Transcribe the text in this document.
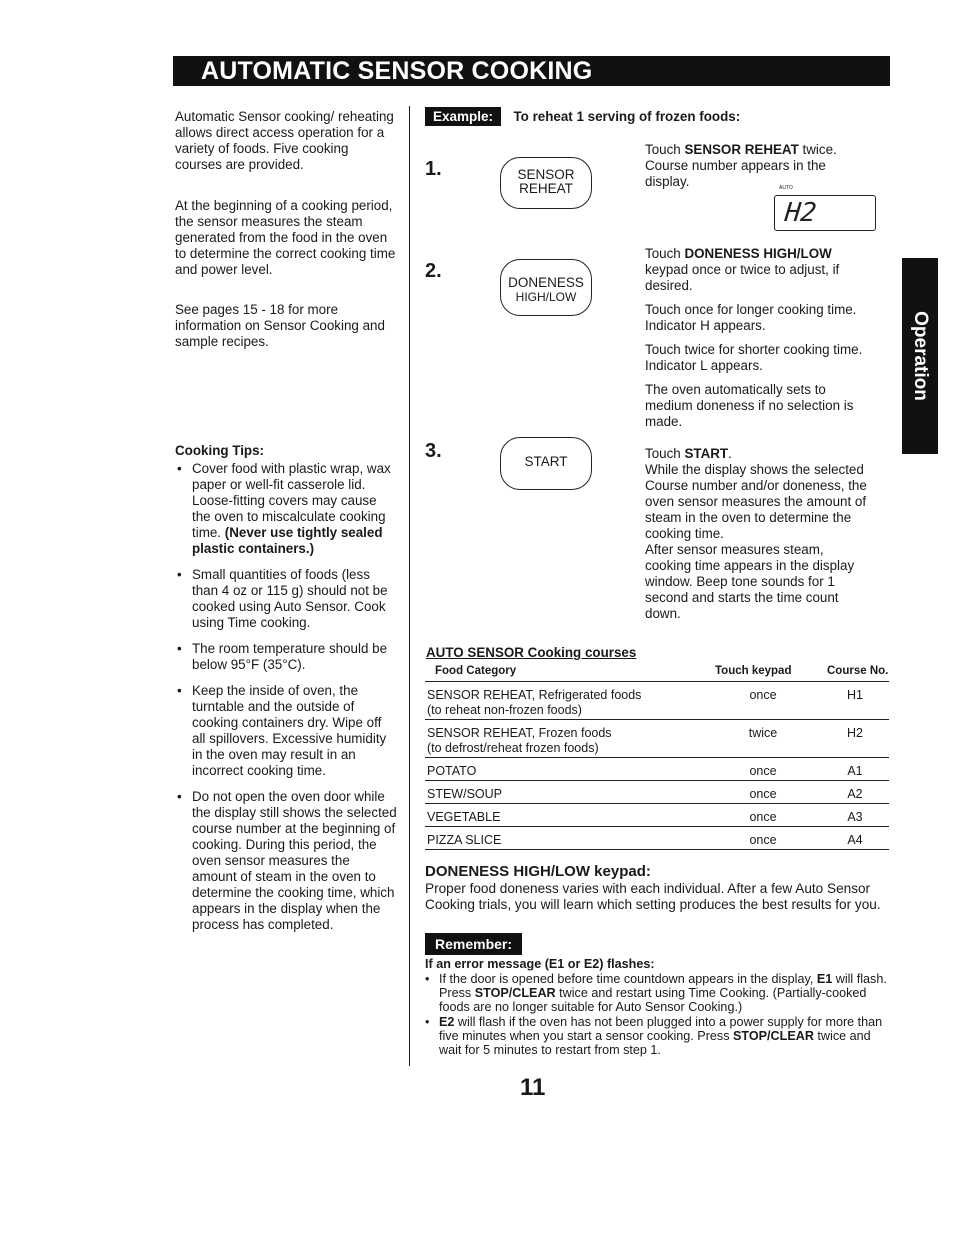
AUTOMATIC SENSOR COOKING
Operation
Automatic Sensor cooking/ reheating allows direct access operation for a variety of foods. Five cooking courses are provided.
At the beginning of a cooking period, the sensor measures the steam generated from the food in the oven to determine the correct cooking time and power level.
See pages 15 - 18 for more information on Sensor Cooking and sample recipes.
Cooking Tips:
• Cover food with plastic wrap, wax paper or well-fit casserole lid. Loose-fitting covers may cause the oven to miscalculate cooking time. (Never use tightly sealed plastic containers.)
• Small quantities of foods (less than 4 oz or 115 g) should not be cooked using Auto Sensor. Cook using Time cooking.
• The room temperature should be below 95°F (35°C).
• Keep the inside of oven, the turntable and the outside of cooking containers dry. Wipe off all spillovers. Excessive humidity in the oven may result in an incorrect cooking time.
• Do not open the oven door while the display still shows the selected course number at the beginning of cooking. During this period, the oven sensor measures the amount of steam in the oven to determine the cooking time, which appears in the display when the process has completed.
Example: To reheat 1 serving of frozen foods:
1.	SENSOR
REHEAT
Touch SENSOR REHEAT twice. Course number appears in the display.	AUTO
H2
2.
DONENESS
HIGH/LOW
Touch DONENESS HIGH/LOW keypad once or twice to adjust, if desired.
Touch once for longer cooking time. Indicator H appears.
Touch twice for shorter cooking time. Indicator L appears.
The oven automatically sets to medium doneness if no selection is made.
3.	START
Touch START.
While the display shows the selected Course number and/or doneness, the oven sensor measures the amount of steam in the oven to determine the cooking time.
After sensor measures steam, cooking time appears in the display window. Beep tone sounds for 1 second and starts the time count down.
AUTO SENSOR Cooking courses
Food Category	Touch keypad	Course No.

SENSOR REHEAT, Refrigerated foods
(to reheat non-frozen foods)	once	H1

SENSOR REHEAT, Frozen foods
(to defrost/reheat frozen foods)	twice	H2
POTATO	once	A1
STEW/SOUP	once	A2
VEGETABLE	once	A3
PIZZA SLICE	once	A4
DONENESS HIGH/LOW keypad:
Proper food doneness varies with each individual. After a few Auto Sensor Cooking trials, you will learn which setting produces the best results for you.
Remember:
If an error message (E1 or E2) flashes:
• If the door is opened before time countdown appears in the display, E1 will flash. Press STOP/CLEAR twice and restart using Time Cooking. (Partially-cooked foods are no longer suitable for Auto Sensor Cooking.)
• E2 will flash if the oven has not been plugged into a power supply for more than five minutes when you start a sensor cooking. Press STOP/CLEAR twice and wait for 5 minutes to restart from step 1.
11
